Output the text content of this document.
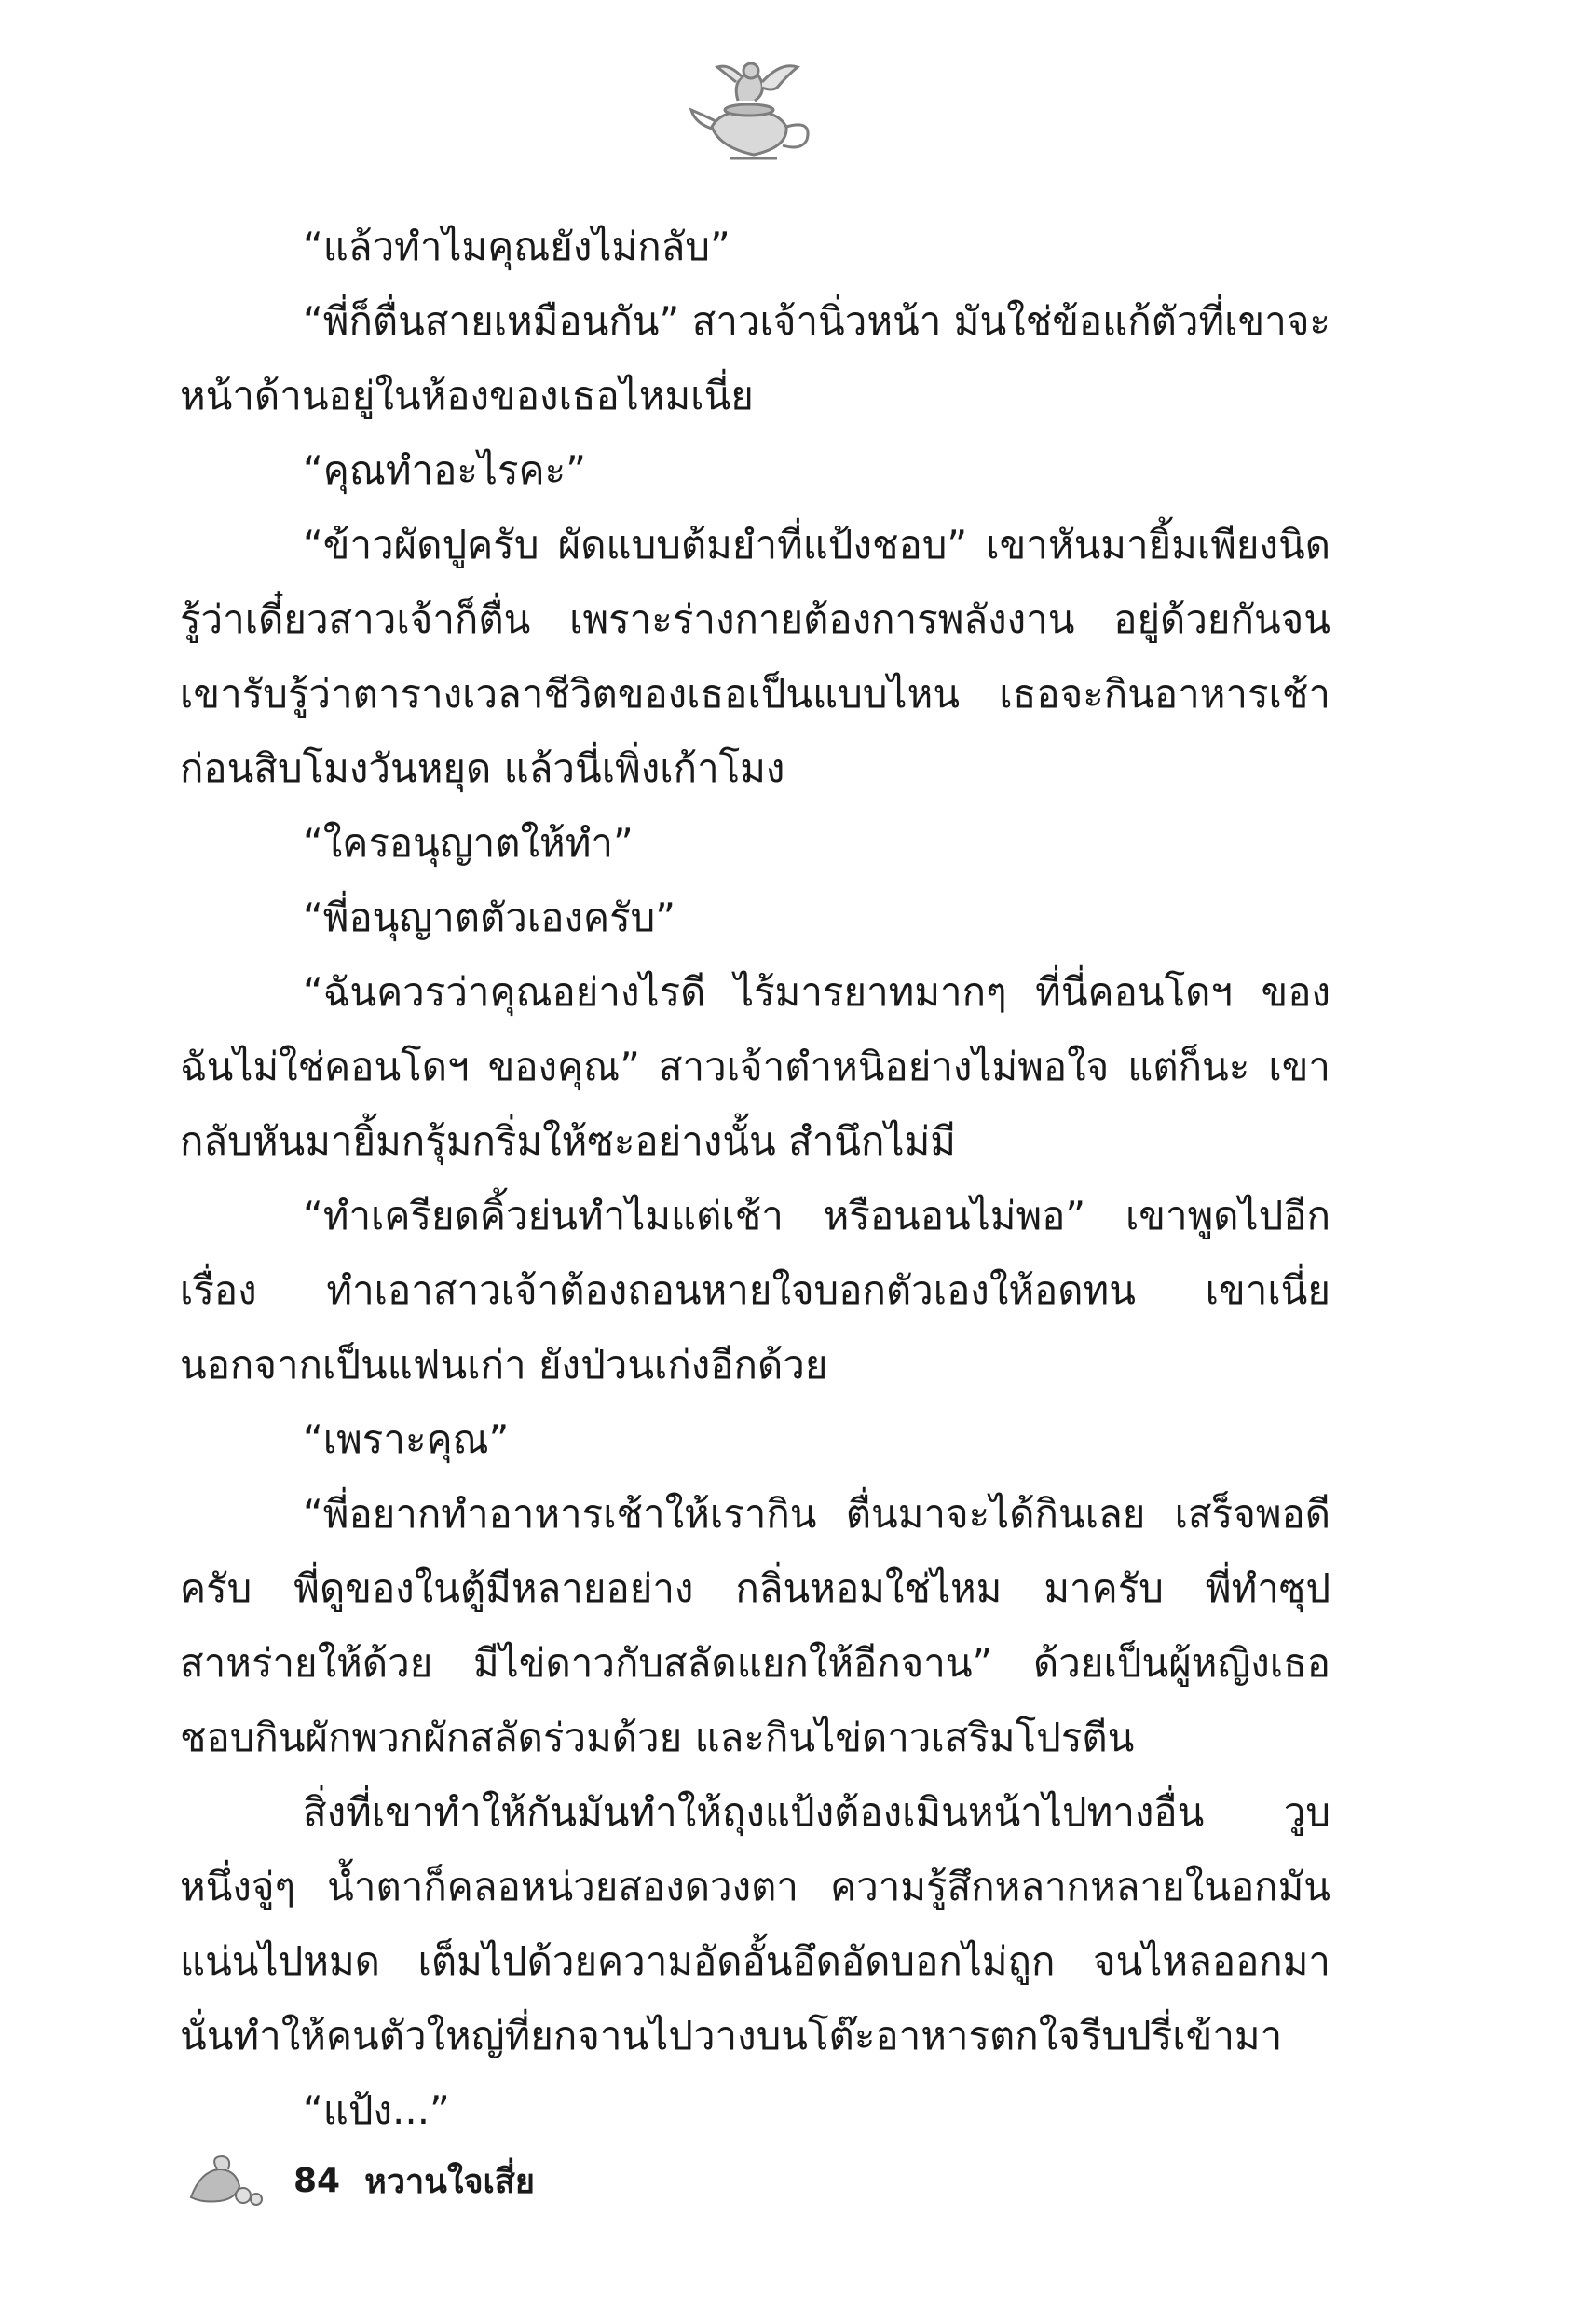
“แล้วทำไมคุณยังไม่กลับ”

“พี่ก็ตื่นสายเหมือนกัน” สาวเจ้านิ่วหน้า มันใช่ข้อแก้ตัวที่เขาจะหน้าด้านอยู่ในห้องของเธอไหมเนี่ย

“คุณทำอะไรคะ”

“ข้าวผัดปูครับ ผัดแบบต้มยำที่แป้งชอบ” เขาหันมายิ้มเพียงนิด รู้ว่าเดี๋ยวสาวเจ้าก็ตื่น เพราะร่างกายต้องการพลังงาน อยู่ด้วยกันจนเขารับรู้ว่าตารางเวลาชีวิตของเธอเป็นแบบไหน เธอจะกินอาหารเช้าก่อนสิบโมงวันหยุด แล้วนี่เพิ่งเก้าโมง

“ใครอนุญาตให้ทำ”

“พี่อนุญาตตัวเองครับ”

“ฉันควรว่าคุณอย่างไรดี ไร้มารยาทมากๆ ที่นี่คอนโดฯ ของฉันไม่ใช่คอนโดฯ ของคุณ” สาวเจ้าตำหนิอย่างไม่พอใจ แต่ก็นะ เขากลับหันมายิ้มกรุ้มกริ่มให้ซะอย่างนั้น สำนึกไม่มี

“ทำเครียดคิ้วย่นทำไมแต่เช้า หรือนอนไม่พอ” เขาพูดไปอีกเรื่อง ทำเอาสาวเจ้าต้องถอนหายใจบอกตัวเองให้อดทน เขาเนี่ยนอกจากเป็นแฟนเก่า ยังป่วนเก่งอีกด้วย

“เพราะคุณ”

“พี่อยากทำอาหารเช้าให้เรากิน ตื่นมาจะได้กินเลย เสร็จพอดีครับ พี่ดูของในตู้มีหลายอย่าง กลิ่นหอมใช่ไหม มาครับ พี่ทำซุปสาหร่ายให้ด้วย มีไข่ดาวกับสลัดแยกให้อีกจาน” ด้วยเป็นผู้หญิงเธอชอบกินผักพวกผักสลัดร่วมด้วย และกินไข่ดาวเสริมโปรตีน

สิ่งที่เขาทำให้กันมันทำให้ถุงแป้งต้องเมินหน้าไปทางอื่น วูบหนึ่งจู่ๆ น้ำตาก็คลอหน่วยสองดวงตา ความรู้สึกหลากหลายในอกมันแน่นไปหมด เต็มไปด้วยความอัดอั้นอึดอัดบอกไม่ถูก จนไหลออกมานั่นทำให้คนตัวใหญ่ที่ยกจานไปวางบนโต๊ะอาหารตกใจรีบปรี่เข้ามา

“แป้ง...”

84 หวานใจเสี่ย
